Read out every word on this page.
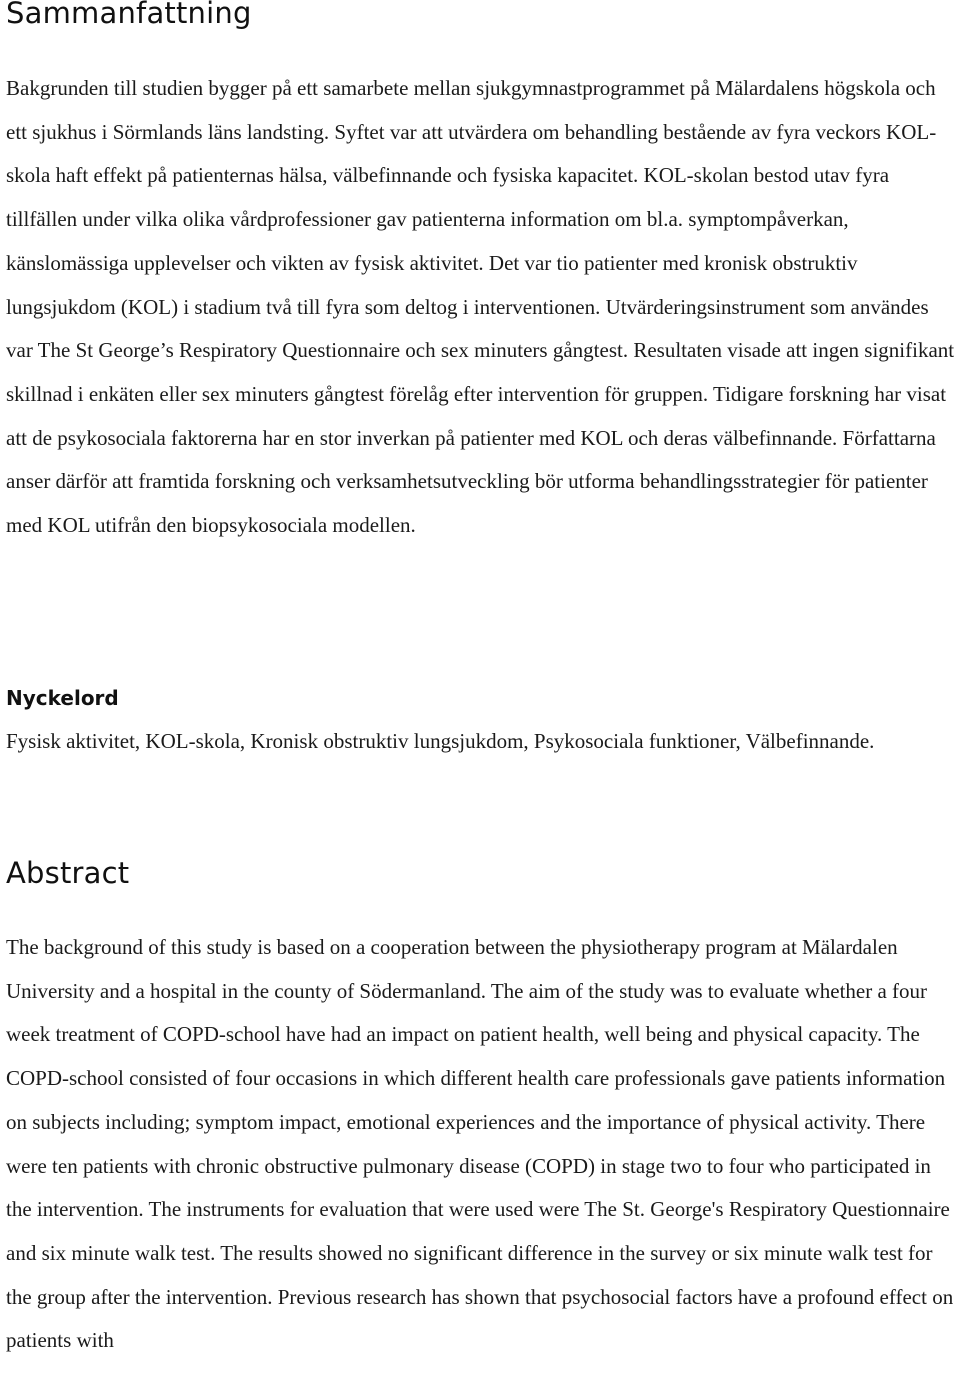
Sammanfattning

Bakgrunden till studien bygger på ett samarbete mellan sjukgymnastprogrammet på Mälardalens högskola och ett sjukhus i Sörmlands läns landsting. Syftet var att utvärdera om behandling bestående av fyra veckors KOL-skola haft effekt på patienternas hälsa, välbefinnande och fysiska kapacitet. KOL-skolan bestod utav fyra tillfällen under vilka olika vårdprofessioner gav patienterna information om bl.a. symptompåverkan, känslomässiga upplevelser och vikten av fysisk aktivitet. Det var tio patienter med kronisk obstruktiv lungsjukdom (KOL) i stadium två till fyra som deltog i interventionen. Utvärderingsinstrument som användes var The St George’s Respiratory Questionnaire och sex minuters gångtest. Resultaten visade att ingen signifikant skillnad i enkäten eller sex minuters gångtest förelåg efter intervention för gruppen. Tidigare forskning har visat att de psykosociala faktorerna har en stor inverkan på patienter med KOL och deras välbefinnande. Författarna anser därför att framtida forskning och verksamhetsutveckling bör utforma behandlingsstrategier för patienter med KOL utifrån den biopsykosociala modellen.

Nyckelord

Fysisk aktivitet, KOL-skola, Kronisk obstruktiv lungsjukdom, Psykosociala funktioner, Välbefinnande.

Abstract

The background of this study is based on a cooperation between the physiotherapy program at Mälardalen University and a hospital in the county of Södermanland. The aim of the study was to evaluate whether a four week treatment of COPD-school have had an impact on patient health, well being and physical capacity. The COPD-school consisted of four occasions in which different health care professionals gave patients information on subjects including; symptom impact, emotional experiences and the importance of physical activity. There were ten patients with chronic obstructive pulmonary disease (COPD) in stage two to four who participated in the intervention. The instruments for evaluation that were used were The St. George's Respiratory Questionnaire and six minute walk test. The results showed no significant difference in the survey or six minute walk test for the group after the intervention. Previous research has shown that psychosocial factors have a profound effect on patients with
